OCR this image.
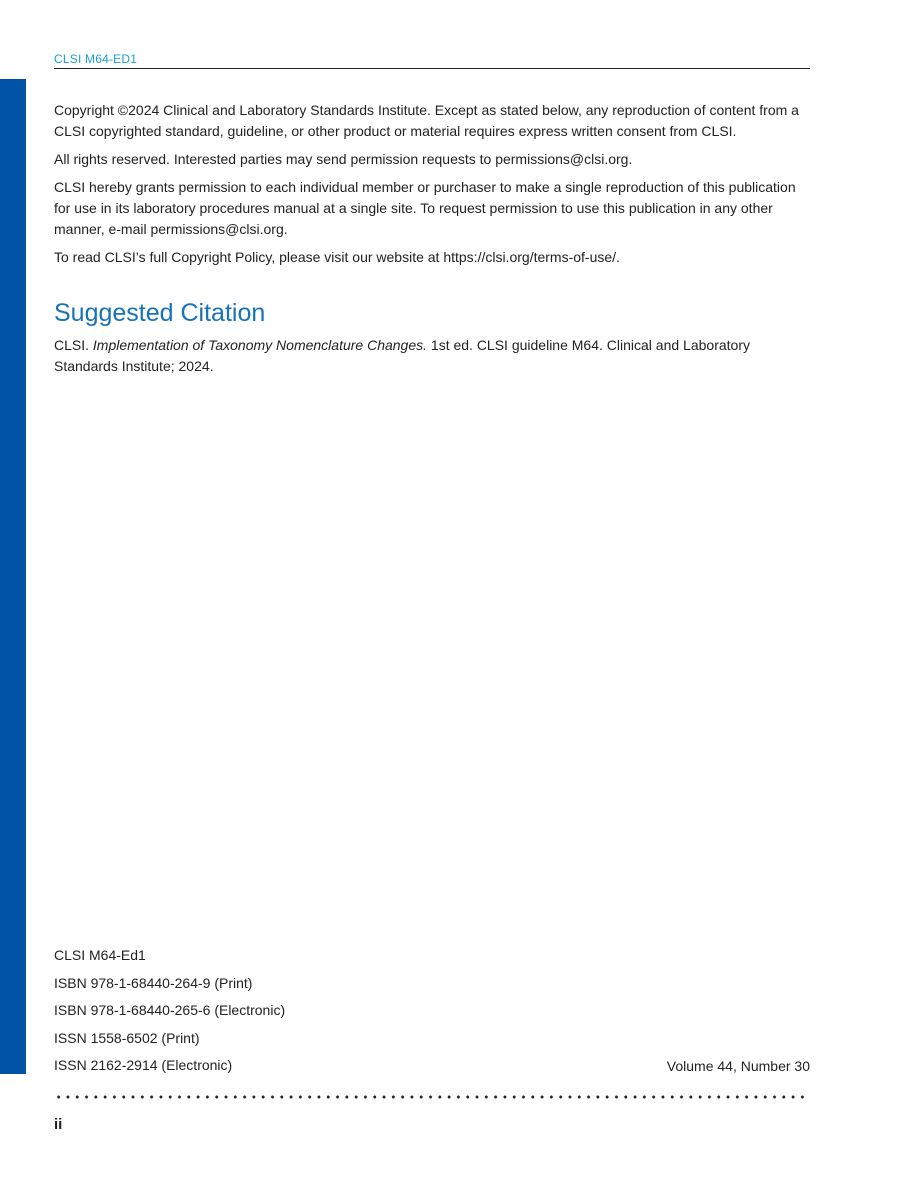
CLSI M64-ED1

Copyright ©2024 Clinical and Laboratory Standards Institute. Except as stated below, any reproduction of content from a CLSI copyrighted standard, guideline, or other product or material requires express written consent from CLSI.

All rights reserved. Interested parties may send permission requests to permissions@clsi.org.

CLSI hereby grants permission to each individual member or purchaser to make a single reproduction of this publication for use in its laboratory procedures manual at a single site. To request permission to use this publication in any other manner, e-mail permissions@clsi.org.

To read CLSI’s full Copyright Policy, please visit our website at https://clsi.org/terms-of-use/.

Suggested Citation

CLSI. Implementation of Taxonomy Nomenclature Changes. 1st ed. CLSI guideline M64. Clinical and Laboratory Standards Institute; 2024.

CLSI M64-Ed1
ISBN 978-1-68440-264-9 (Print)
ISBN 978-1-68440-265-6 (Electronic)
ISSN 1558-6502 (Print)
ISSN 2162-2914 (Electronic)	Volume 44, Number 30
ii
